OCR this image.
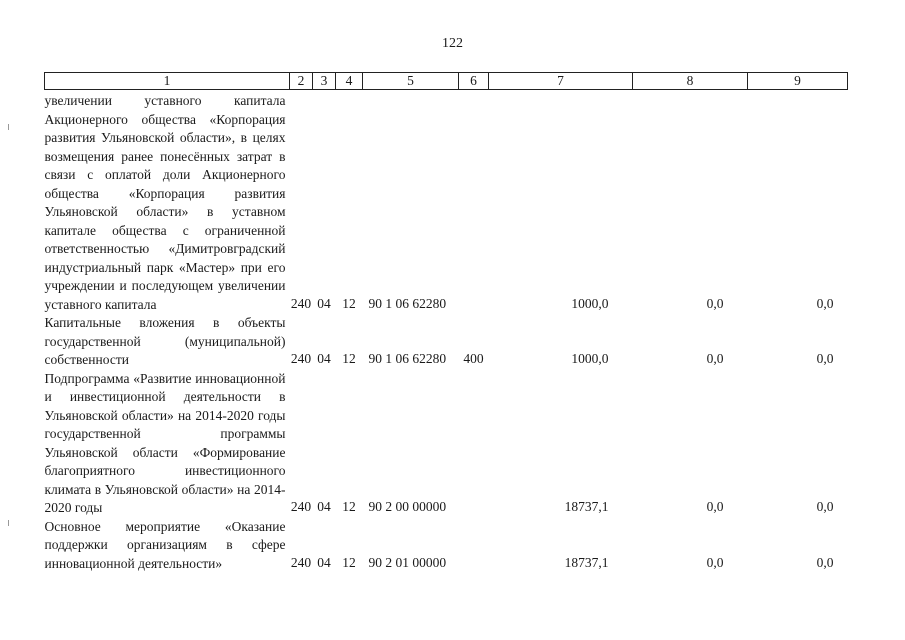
122
1	2	3	4	5	6	7	8	9

увеличении уставного капитала Акционерного общества «Корпорация развития Ульяновской области», в целях возмещения ранее понесённых затрат в связи с оплатой доли Акционерного общества «Корпорация развития Ульяновской области» в уставном капитале общества с ограниченной ответственностью «Димитровградский индустриальный парк «Мастер» при его учреждении и последующем увеличении уставного капитала	240	04	12	90 1 06 62280		1000,0	0,0	0,0
Капитальные вложения в объекты государственной (муниципальной) собственности	240	04	12	90 1 06 62280	400	1000,0	0,0	0,0
Подпрограмма «Развитие инновационной и инвестиционной деятельности в Ульяновской области» на 2014-2020 годы государственной программы Ульяновской области «Формирование благоприятного инвестиционного климата в Ульяновской области» на 2014-2020 годы	240	04	12	90 2 00 00000		18737,1	0,0	0,0
Основное мероприятие «Оказание поддержки организациям в сфере инновационной деятельности»	240	04	12	90 2 01 00000		18737,1	0,0	0,0
